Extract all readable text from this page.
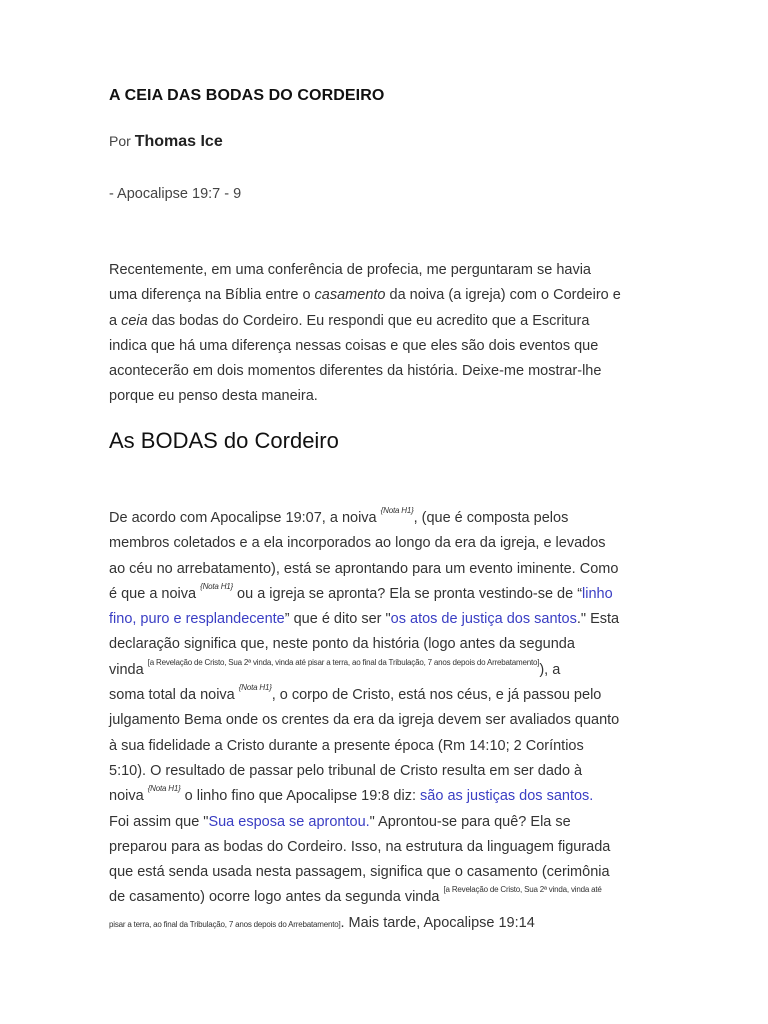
A CEIA DAS BODAS DO CORDEIRO

Por Thomas Ice

- Apocalipse 19:7 - 9

Recentemente, em uma conferência de profecia, me perguntaram se havia
uma diferença na Bíblia entre o casamento da noiva (a igreja) com o Cordeiro e
a ceia das bodas do Cordeiro. Eu respondi que eu acredito que a Escritura
indica que há uma diferença nessas coisas e que eles são dois eventos que
acontecerão em dois momentos diferentes da história. Deixe-me mostrar-lhe
porque eu penso desta maneira.

As BODAS do Cordeiro

De acordo com Apocalipse 19:07, a noiva $^{\{Nota H1\}}$, (que é composta pelos
membros coletados e a ela incorporados ao longo da era da igreja, e levados
ao céu no arrebatamento), está se aprontando para um evento iminente. Como
é que a noiva $^{\{Nota H1\}}$ ou a igreja se apronta? Ela se pronta vestindo-se de “linho
fino, puro e resplandecente” que é dito ser "os atos de justiça dos santos." Esta
declaração significa que, neste ponto da história (logo antes da segunda
vinda [a Revelação de Cristo, Sua 2ª vinda, vinda até pisar a terra, ao final da Tribulação, 7 anos depois do Arrebatamento]), a
soma total da noiva $^{\{Nota H1\}}$, o corpo de Cristo, está nos céus, e já passou pelo
julgamento Bema onde os crentes da era da igreja devem ser avaliados quanto
à sua fidelidade a Cristo durante a presente época (Rm 14:10; 2 Coríntios
5:10). O resultado de passar pelo tribunal de Cristo resulta em ser dado à
noiva $^{\{Nota H1\}}$ o linho fino que Apocalipse 19:8 diz: são as justiças dos santos.
Foi assim que "Sua esposa se aprontou." Aprontou-se para quê? Ela se
preparou para as bodas do Cordeiro. Isso, na estrutura da linguagem figurada
que está senda usada nesta passagem, significa que o casamento (cerimônia
de casamento) ocorre logo antes da segunda vinda $^{[a Revelação de Cristo, Sua 2ª vinda, vinda até}$
pisar a terra, ao final da Tribulação, 7 anos depois do Arrebatamento]. Mais tarde, Apocalipse 19:14
